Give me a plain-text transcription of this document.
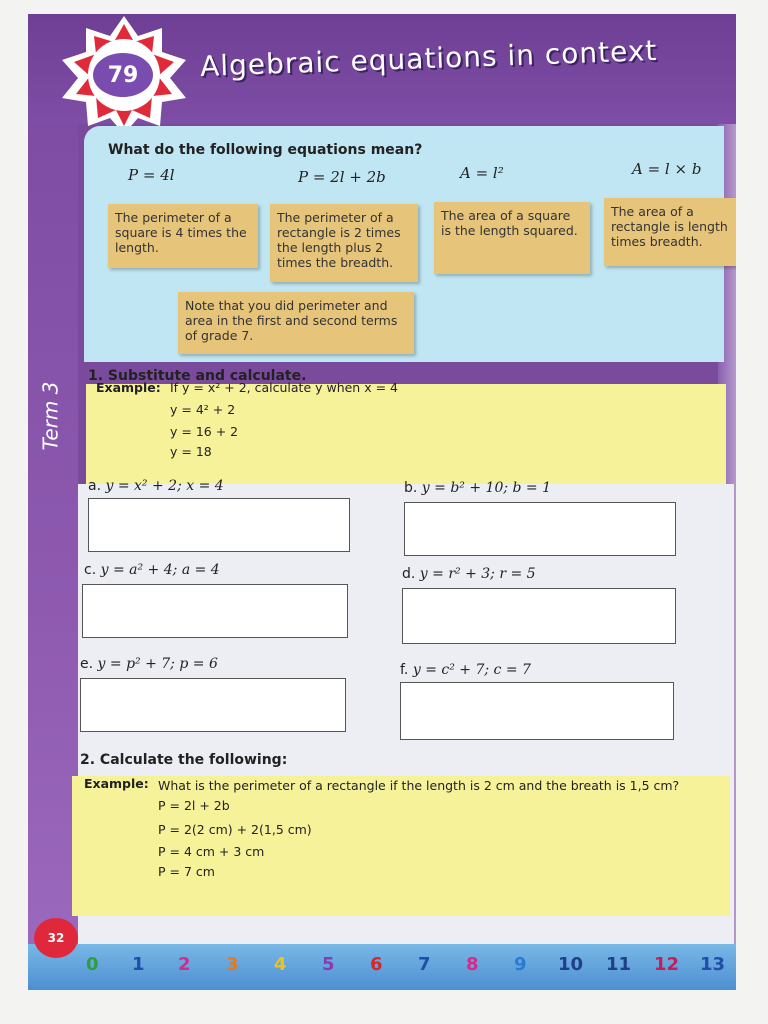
Term 3
79	Algebraic equations in context
What do the following equations mean?
P = 4l	P = 2l + 2b	A = l²	A = l × b
The perimeter of a square is 4 times the length.
The perimeter of a rectangle is 2 times the length plus 2 times the breadth.
The area of a square is the length squared.
The area of a rectangle is length times breadth.
Note that you did perimeter and area in the first and second terms of grade 7.
1. Substitute and calculate.
Example: If y = x² + 2, calculate y when x = 4
y = 4² + 2
y = 16 + 2
y = 18
a. y = x² + 2; x = 4	b. y = b² + 10; b = 1
c. y = a² + 4; a = 4	d. y = r² + 3; r = 5
e. y = p² + 7; p = 6	f. y = c² + 7; c = 7
2. Calculate the following:
Example: What is the perimeter of a rectangle if the length is 2 cm and the breath is 1,5 cm?
P = 2l + 2b
P = 2(2 cm) + 2(1,5 cm)
P = 4 cm + 3 cm
P = 7 cm
0 1 2 3 4 5 6 7 8 9 10 11 12 13
32
